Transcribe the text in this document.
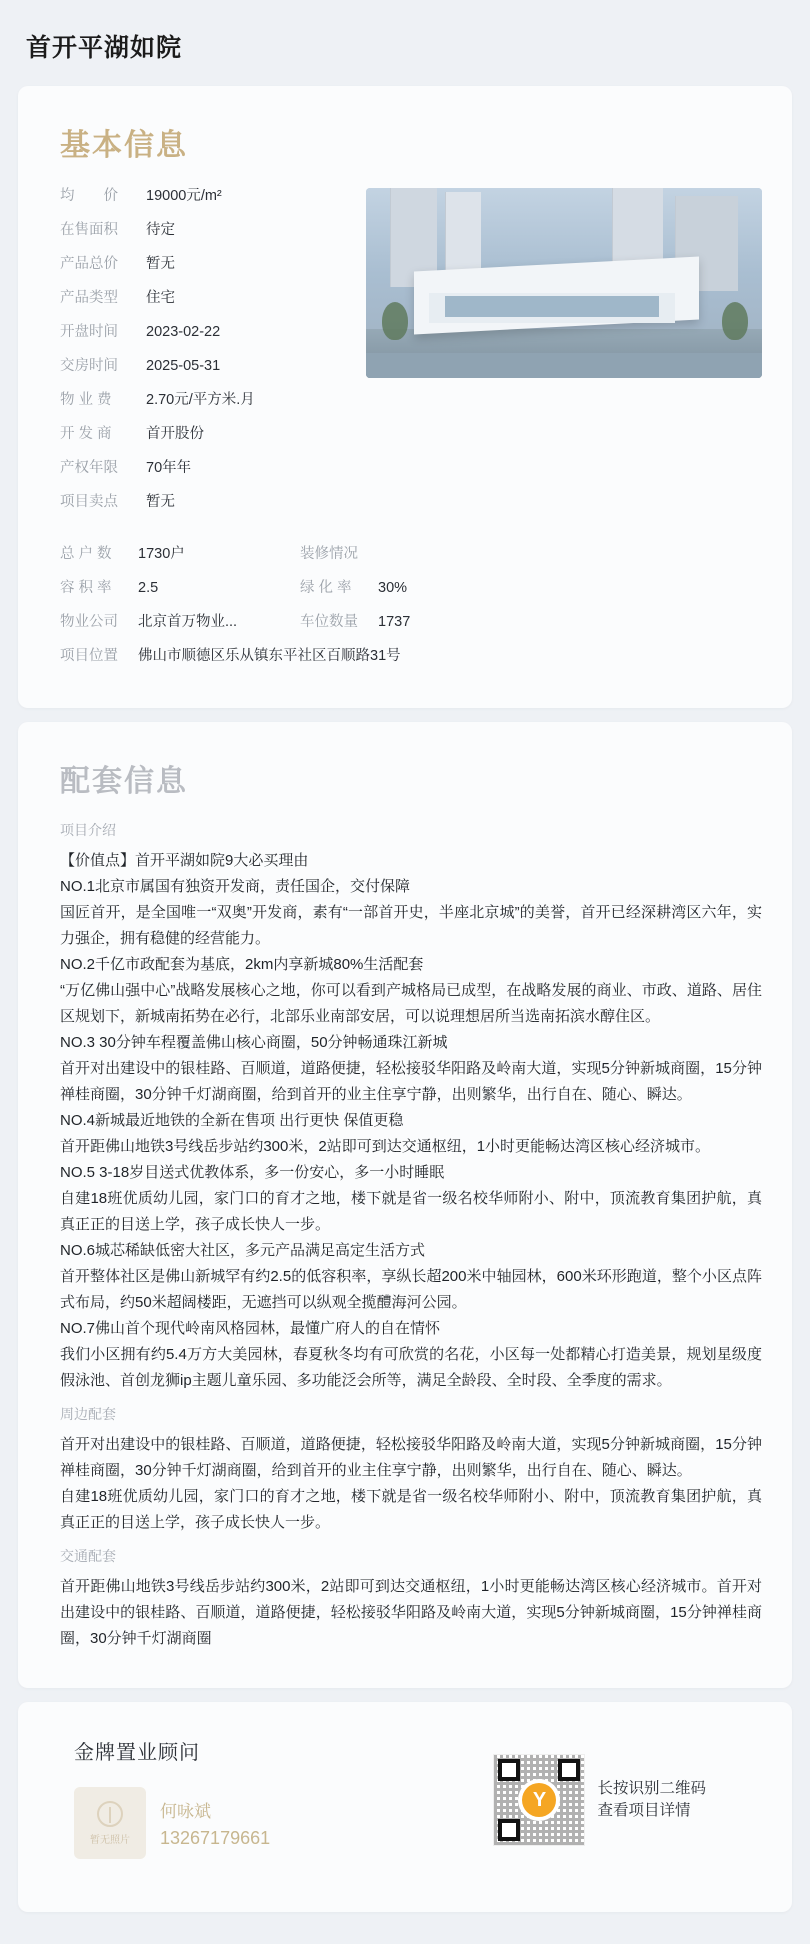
首开平湖如院
基本信息
均　　价	19000元/m²
在售面积	待定
产品总价	暂无
产品类型	住宅
开盘时间	2023-02-22
交房时间	2025-05-31
物 业 费	2.70元/平方米.月
开 发 商	首开股份
产权年限	70年年
项目卖点	暂无
总 户 数	1730户	装修情况
容 积 率	2.5	绿 化 率	30%
物业公司	北京首万物业...	车位数量	1737
项目位置	佛山市顺德区乐从镇东平社区百顺路31号
配套信息
项目介绍

【价值点】首开平湖如院9大必买理由

NO.1北京市属国有独资开发商，责任国企，交付保障

国匠首开，是全国唯一“双奥”开发商，素有“一部首开史，半座北京城”的美誉，首开已经深耕湾区六年，实力强企，拥有稳健的经营能力。

NO.2千亿市政配套为基底，2km内享新城80%生活配套

“万亿佛山强中心”战略发展核心之地，你可以看到产城格局已成型，在战略发展的商业、市政、道路、居住区规划下，新城南拓势在必行，北部乐业南部安居，可以说理想居所当选南拓滨水醇住区。

NO.3 30分钟车程覆盖佛山核心商圈，50分钟畅通珠江新城

首开对出建设中的银桂路、百顺道，道路便捷，轻松接驳华阳路及岭南大道，实现5分钟新城商圈，15分钟禅桂商圈，30分钟千灯湖商圈，给到首开的业主住享宁静，出则繁华，出行自在、随心、瞬达。

NO.4新城最近地铁的全新在售项 出行更快 保值更稳

首开距佛山地铁3号线岳步站约300米，2站即可到达交通枢纽，1小时更能畅达湾区核心经济城市。

NO.5 3-18岁目送式优教体系，多一份安心，多一小时睡眠

自建18班优质幼儿园，家门口的育才之地，楼下就是省一级名校华师附小、附中，顶流教育集团护航，真真正正的目送上学，孩子成长快人一步。

NO.6城芯稀缺低密大社区，多元产品满足高定生活方式

首开整体社区是佛山新城罕有约2.5的低容积率，享纵长超200米中轴园林，600米环形跑道，整个小区点阵式布局，约50米超阔楼距，无遮挡可以纵观全揽醴海河公园。

NO.7佛山首个现代岭南风格园林，最懂广府人的自在情怀

我们小区拥有约5.4万方大美园林，春夏秋冬均有可欣赏的名花，小区每一处都精心打造美景，规划星级度假泳池、首创龙狮ip主题儿童乐园、多功能泛会所等，满足全龄段、全时段、全季度的需求。

周边配套

首开对出建设中的银桂路、百顺道，道路便捷，轻松接驳华阳路及岭南大道，实现5分钟新城商圈，15分钟禅桂商圈，30分钟千灯湖商圈，给到首开的业主住享宁静，出则繁华，出行自在、随心、瞬达。

自建18班优质幼儿园，家门口的育才之地，楼下就是省一级名校华师附小、附中，顶流教育集团护航，真真正正的目送上学，孩子成长快人一步。

交通配套

首开距佛山地铁3号线岳步站约300米，2站即可到达交通枢纽，1小时更能畅达湾区核心经济城市。首开对出建设中的银桂路、百顺道，道路便捷，轻松接驳华阳路及岭南大道，实现5分钟新城商圈，15分钟禅桂商圈，30分钟千灯湖商圈

金牌置业顾问
暂无照片
何咏斌
13267179661
Y	长按识别二维码
查看项目详情
